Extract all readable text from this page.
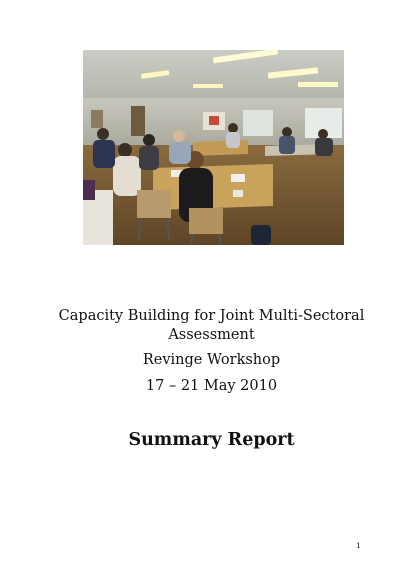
Capacity Building for Joint Multi-Sectoral

Assessment

Revinge Workshop

17 – 21 May 2010

Summary Report

1
